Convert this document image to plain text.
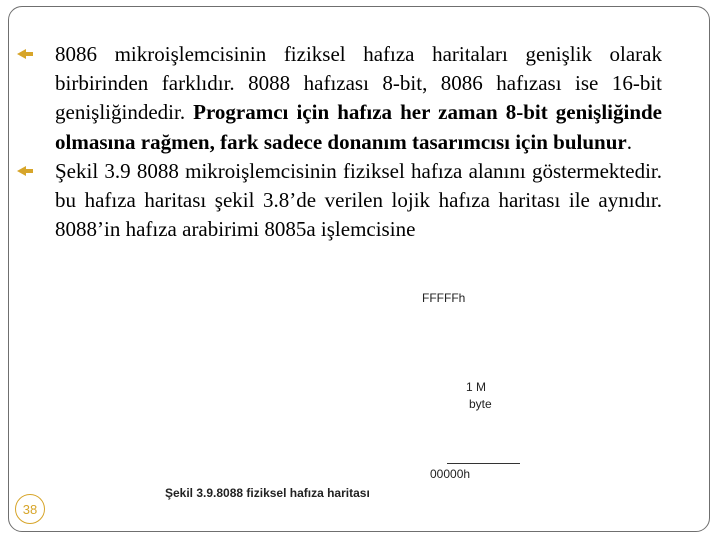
8086 mikroişlemcisinin fiziksel hafıza haritaları genişlik olarak birbirinden farklıdır. 8088 hafızası 8-bit, 8086 hafızası ise 16-bit genişliğindedir. Programcı için hafıza her zaman 8-bit genişliğinde olmasına rağmen, fark sadece donanım tasarımcısı için bulunur.
Şekil 3.9 8088 mikroişlemcisinin fiziksel hafıza alanını göstermektedir. bu hafıza haritası şekil 3.8’de verilen lojik hafıza haritası ile aynıdır. 8088’in hafıza arabirimi 8085a işlemcisine
FFFFFh
1 M
byte
00000h
Şekil 3.9.8088 fiziksel hafıza haritası
38
